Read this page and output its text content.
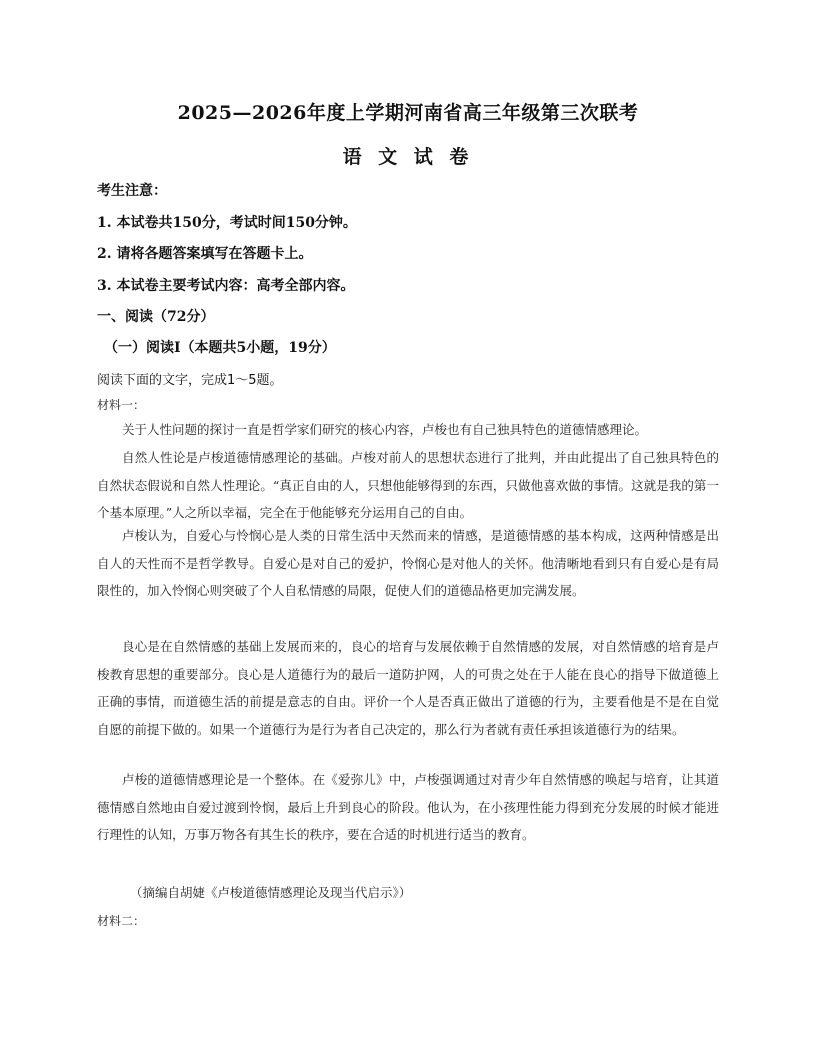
2025—2026年度上学期河南省高三年级第三次联考
语 文 试 卷
考生注意：
1. 本试卷共150分，考试时间150分钟。
2. 请将各题答案填写在答题卡上。
3. 本试卷主要考试内容：高考全部内容。
一、阅读（72分）
（一）阅读Ⅰ（本题共5小题，19分）
阅读下面的文字，完成1～5题。
材料一：
关于人性问题的探讨一直是哲学家们研究的核心内容，卢梭也有自己独具特色的道德情感理论。
自然人性论是卢梭道德情感理论的基础。卢梭对前人的思想状态进行了批判，并由此提出了自己独具特色的自然状态假说和自然人性理论。“真正自由的人，只想他能够得到的东西，只做他喜欢做的事情。这就是我的第一个基本原理。”人之所以幸福，完全在于他能够充分运用自己的自由。
卢梭认为，自爱心与怜悯心是人类的日常生活中天然而来的情感，是道德情感的基本构成，这两种情感是出自人的天性而不是哲学教导。自爱心是对自己的爱护，怜悯心是对他人的关怀。他清晰地看到只有自爱心是有局限性的，加入怜悯心则突破了个人自私情感的局限，促使人们的道德品格更加完满发展。
良心是在自然情感的基础上发展而来的，良心的培育与发展依赖于自然情感的发展，对自然情感的培育是卢梭教育思想的重要部分。良心是人道德行为的最后一道防护网，人的可贵之处在于人能在良心的指导下做道德上正确的事情，而道德生活的前提是意志的自由。评价一个人是否真正做出了道德的行为，主要看他是不是在自觉自愿的前提下做的。如果一个道德行为是行为者自己决定的，那么行为者就有责任承担该道德行为的结果。
卢梭的道德情感理论是一个整体。在《爱弥儿》中，卢梭强调通过对青少年自然情感的唤起与培育，让其道德情感自然地由自爱过渡到怜悯，最后上升到良心的阶段。他认为，在小孩理性能力得到充分发展的时候才能进行理性的认知，万事万物各有其生长的秩序，要在合适的时机进行适当的教育。
（摘编自胡婕《卢梭道德情感理论及现当代启示》）
材料二：
